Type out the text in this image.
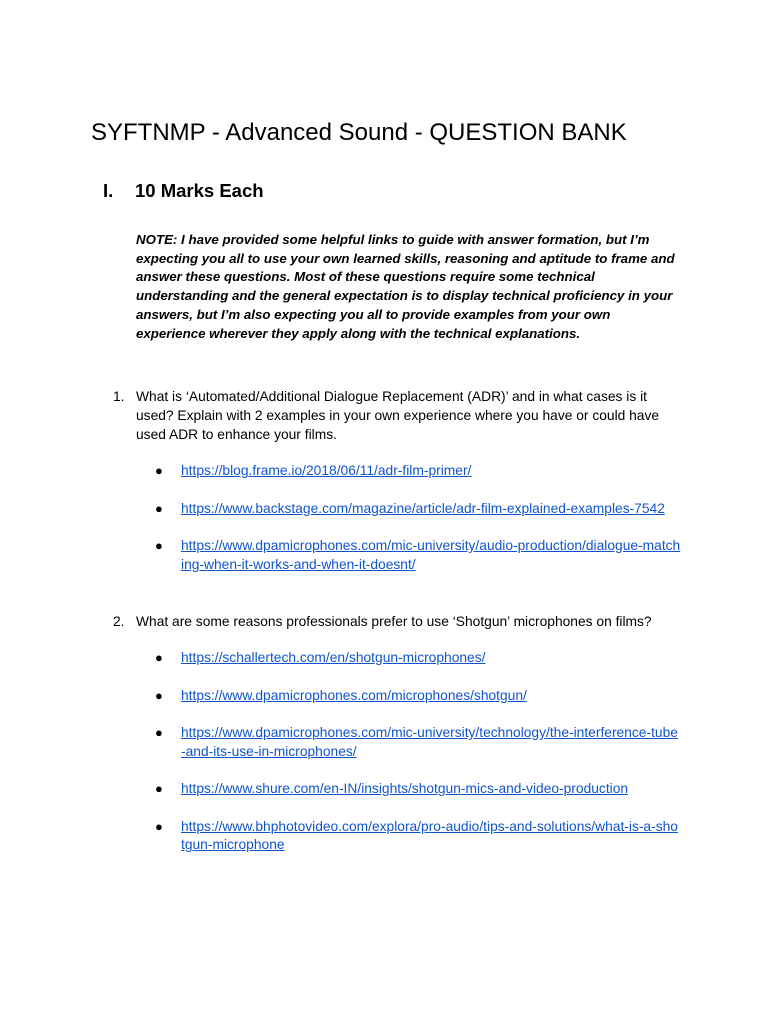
SYFTNMP - Advanced Sound - QUESTION BANK
I. 10 Marks Each
NOTE: I have provided some helpful links to guide with answer formation, but I’m expecting you all to use your own learned skills, reasoning and aptitude to frame and answer these questions. Most of these questions require some technical understanding and the general expectation is to display technical proficiency in your answers, but I’m also expecting you all to provide examples from your own experience wherever they apply along with the technical explanations.
1. What is ‘Automated/Additional Dialogue Replacement (ADR)’ and in what cases is it used? Explain with 2 examples in your own experience where you have or could have used ADR to enhance your films.
● https://blog.frame.io/2018/06/11/adr-film-primer/
● https://www.backstage.com/magazine/article/adr-film-explained-examples-7542
● https://www.dpamicrophones.com/mic-university/audio-production/dialogue-matching-when-it-works-and-when-it-doesnt/
2. What are some reasons professionals prefer to use ‘Shotgun’ microphones on films?
● https://schallertech.com/en/shotgun-microphones/
● https://www.dpamicrophones.com/microphones/shotgun/
● https://www.dpamicrophones.com/mic-university/technology/the-interference-tube-and-its-use-in-microphones/
● https://www.shure.com/en-IN/insights/shotgun-mics-and-video-production
● https://www.bhphotovideo.com/explora/pro-audio/tips-and-solutions/what-is-a-shotgun-microphone
